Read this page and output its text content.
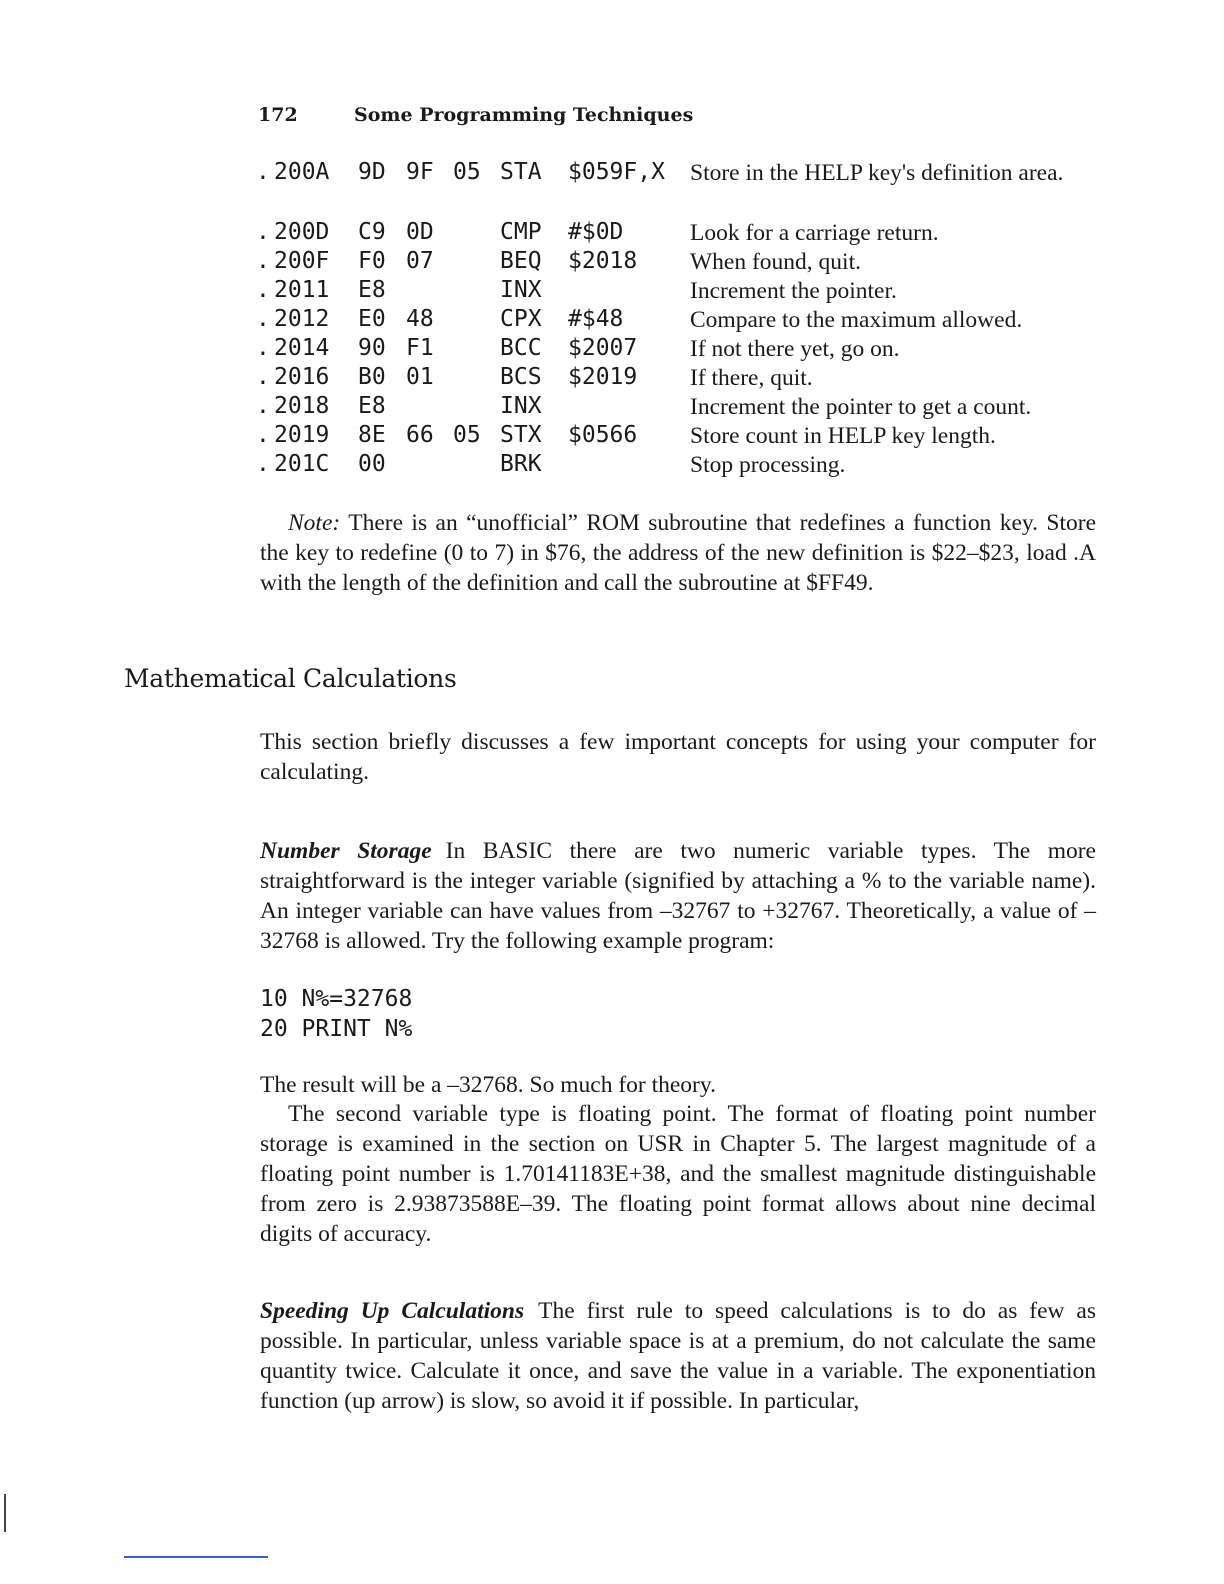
172	Some Programming Techniques
. 200A 9D 9F 05 STA $059F,X Store in the HELP key's definition area.
. 200D C9 0D	CMP #$0D	Look for a carriage return.
. 200F F0 07	BEQ $2018 When found, quit.
. 2011 E8	INX	Increment the pointer.
. 2012 E0 48	CPX #$48	Compare to the maximum allowed.
. 2014 90 F1	BCC $2007 If not there yet, go on.
. 2016 B0 01	BCS $2019 If there, quit.
. 2018 E8	INX	Increment the pointer to get a count.
. 2019 8E 66 05 STX $0566 Store count in HELP key length.
. 201C 00	BRK	Stop processing.

Note: There is an “unofficial” ROM subroutine that redefines a function key. Store the key to redefine (0 to 7) in $76, the address of the new definition is $22–$23, load .A with the length of the definition and call the subroutine at $FF49.

Mathematical Calculations

This section briefly discusses a few important concepts for using your computer for calculating.

Number Storage In BASIC there are two numeric variable types. The more straightforward is the integer variable (signified by attaching a % to the variable name). An integer variable can have values from –32767 to +32767. Theoretically, a value of –32768 is allowed. Try the following example program:

10 N%=32768
20 PRINT N%

The result will be a –32768. So much for theory.

The second variable type is floating point. The format of floating point number storage is examined in the section on USR in Chapter 5. The largest magnitude of a floating point number is 1.70141183E+38, and the smallest magnitude distinguishable from zero is 2.93873588E–39. The floating point format allows about nine decimal digits of accuracy.

Speeding Up Calculations The first rule to speed calculations is to do as few as possible. In particular, unless variable space is at a premium, do not calculate the same quantity twice. Calculate it once, and save the value in a variable. The exponentiation function (up arrow) is slow, so avoid it if possible. In particular,
